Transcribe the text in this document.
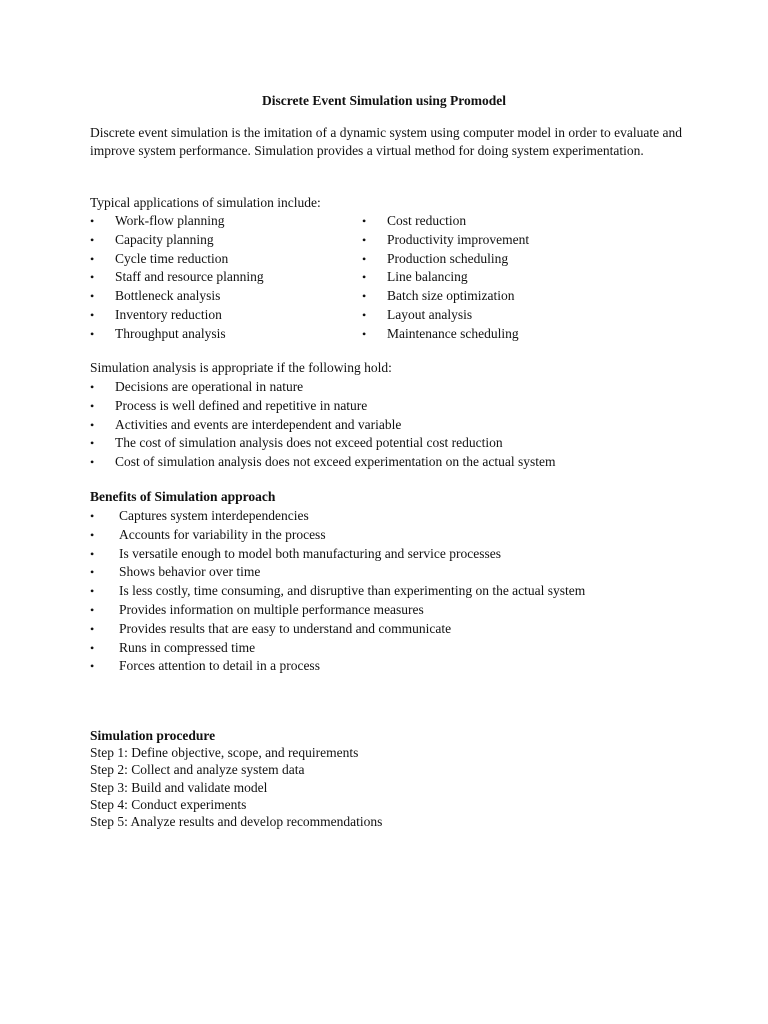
Discrete Event Simulation using Promodel
Discrete event simulation is the imitation of a dynamic system using computer model in order to evaluate and improve system performance. Simulation provides a virtual method for doing system experimentation.
Typical applications of simulation include:
• Work-flow planning
• Capacity planning
• Cycle time reduction
• Staff and resource planning
• Bottleneck analysis
• Inventory reduction
• Throughput analysis
• Cost reduction
• Productivity improvement
• Production scheduling
• Line balancing
• Batch size optimization
• Layout analysis
• Maintenance scheduling
Simulation analysis is appropriate if the following hold:
• Decisions are operational in nature
• Process is well defined and repetitive in nature
• Activities and events are interdependent and variable
• The cost of simulation analysis does not exceed potential cost reduction
• Cost of simulation analysis does not exceed experimentation on the actual system
Benefits of Simulation approach
• Captures system interdependencies
• Accounts for variability in the process
• Is versatile enough to model both manufacturing and service processes
• Shows behavior over time
• Is less costly, time consuming, and disruptive than experimenting on the actual system
• Provides information on multiple performance measures
• Provides results that are easy to understand and communicate
• Runs in compressed time
• Forces attention to detail in a process
Simulation procedure
Step 1: Define objective, scope, and requirements
Step 2: Collect and analyze system data
Step 3: Build and validate model
Step 4: Conduct experiments
Step 5: Analyze results and develop recommendations
